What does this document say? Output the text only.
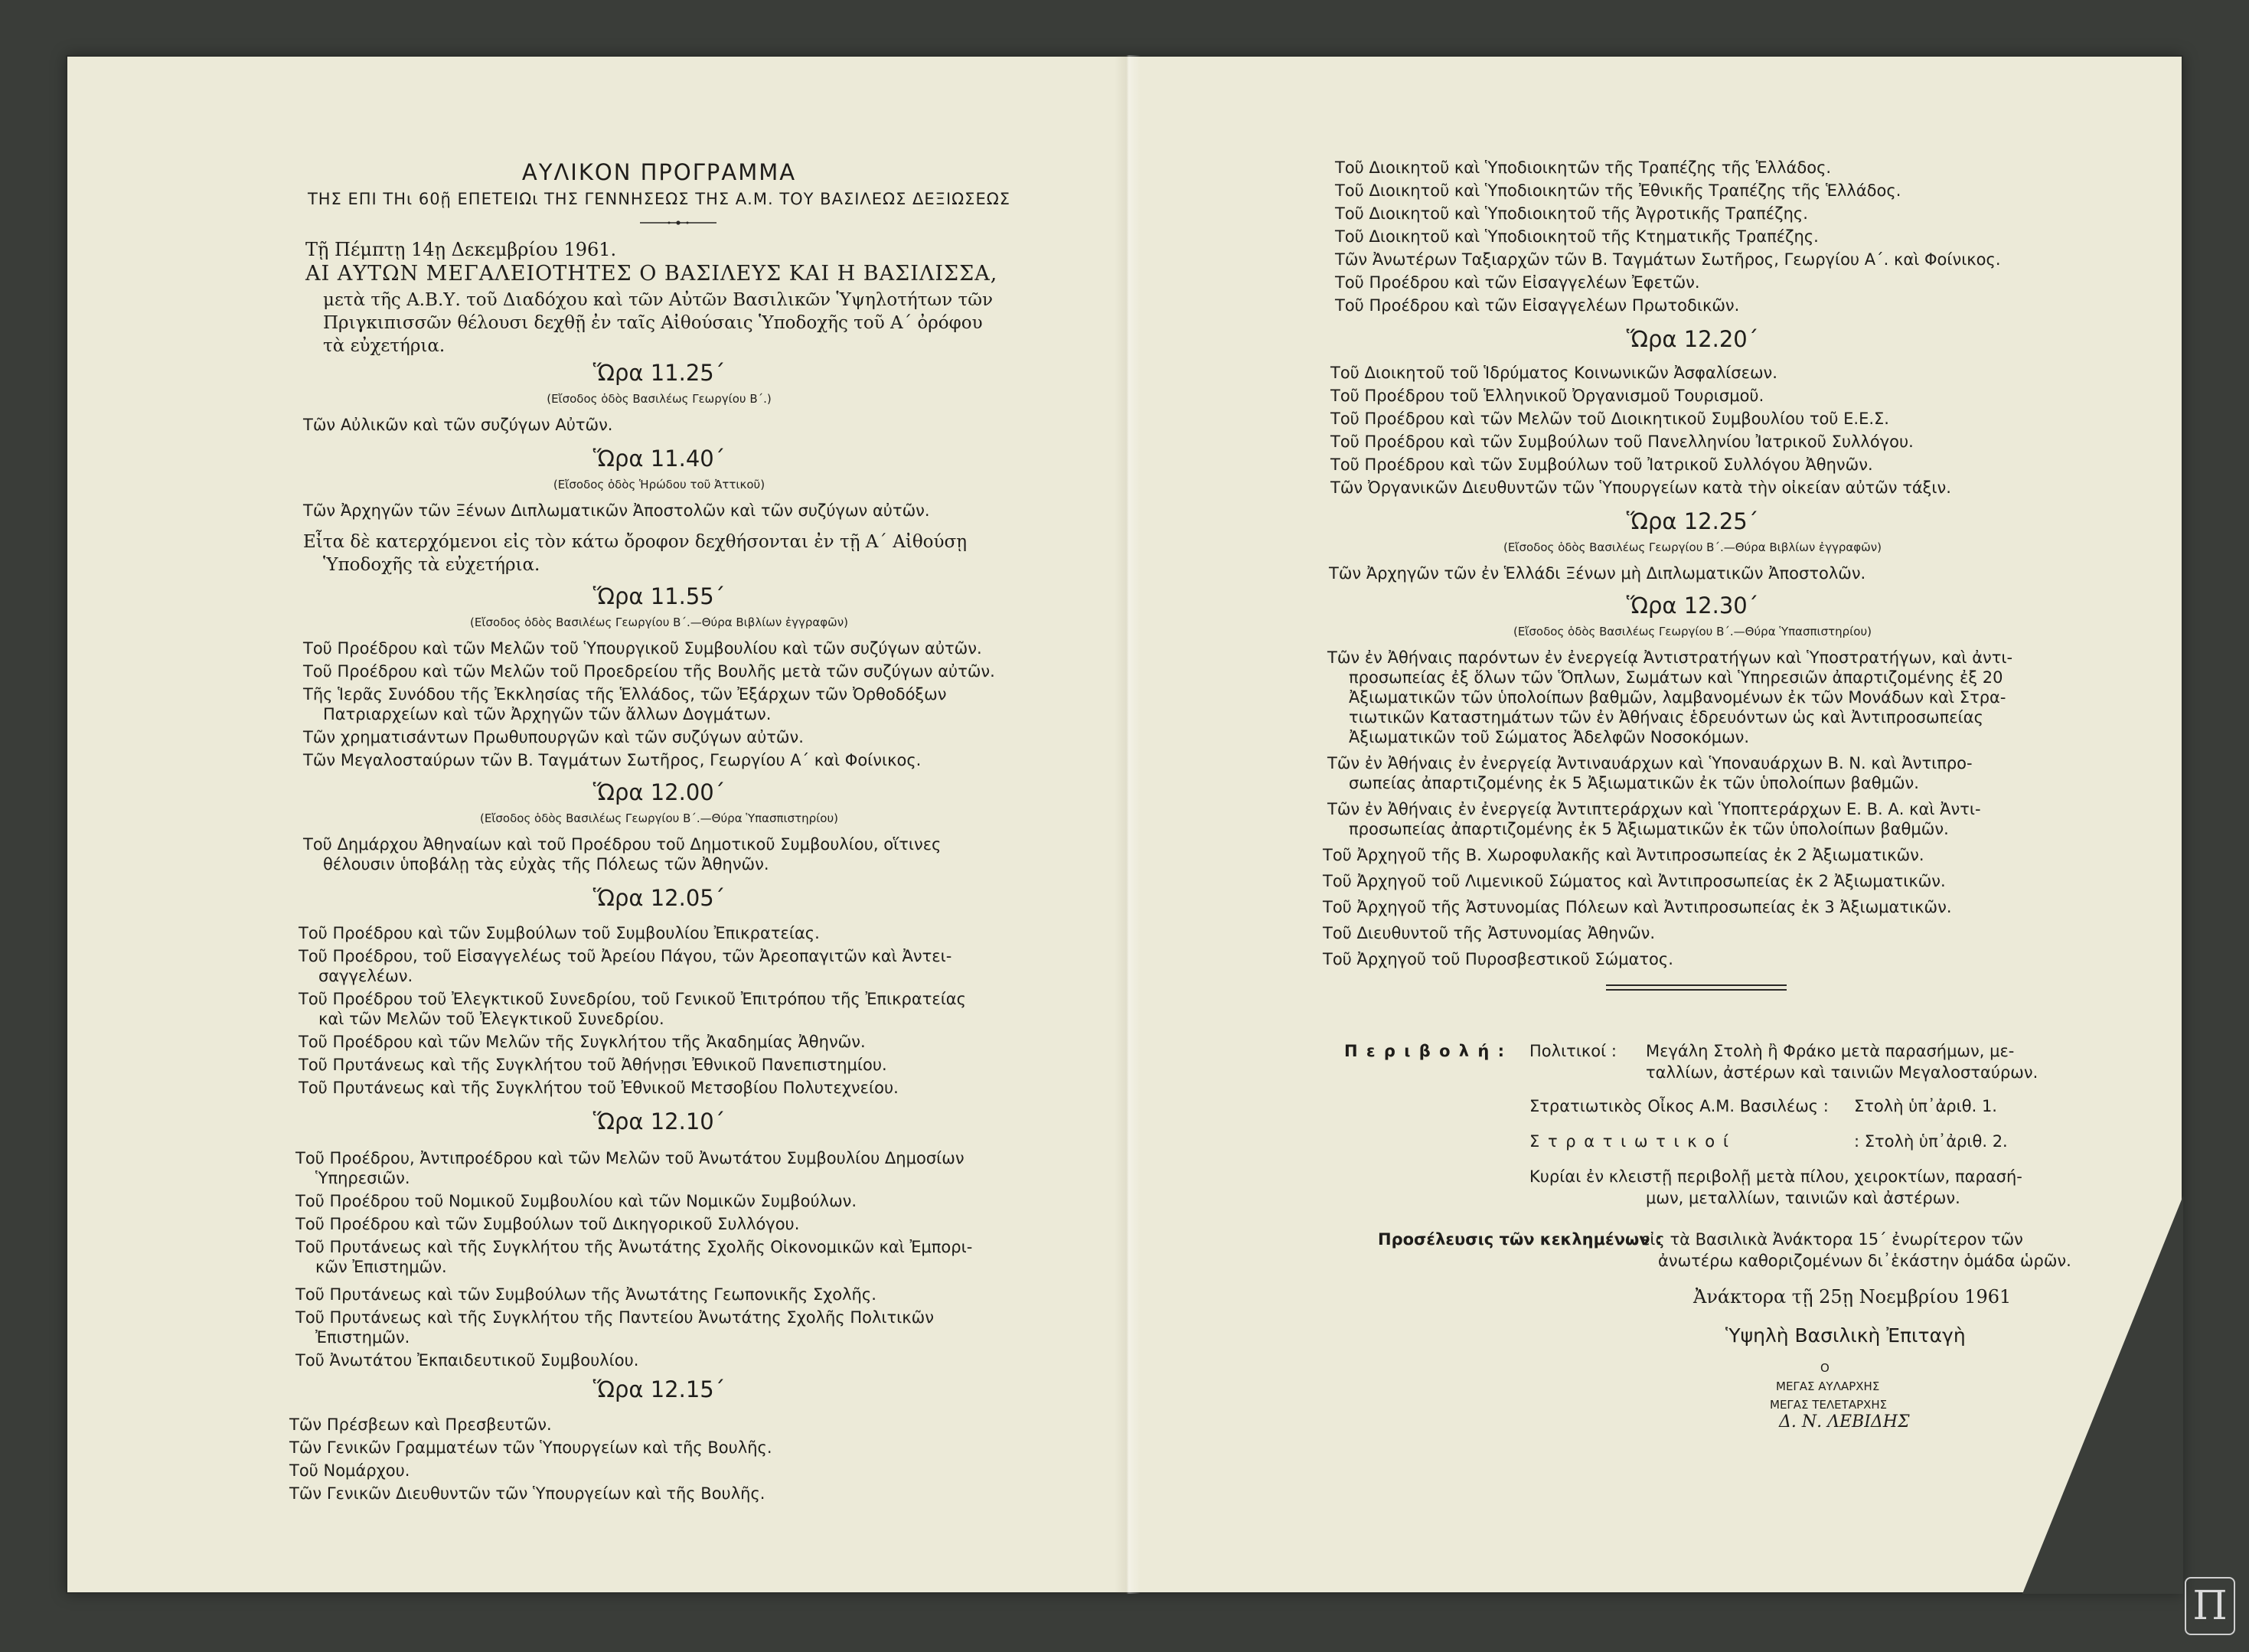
ΑΥΛΙΚΟΝ ΠΡΟΓΡΑΜΜΑ
ΤΗΣ ΕΠΙ ΤΗι 60ῇ ΕΠΕΤΕΙΩι ΤΗΣ ΓΕΝΝΗΣΕΩΣ ΤΗΣ Α.Μ. ΤΟΥ ΒΑΣΙΛΕΩΣ ΔΕΞΙΩΣΕΩΣ
Τῇ Πέμπτῃ 14ῃ Δεκεμβρίου 1961.
ΑΙ ΑΥΤΩΝ ΜΕΓΑΛΕΙΟΤΗΤΕΣ Ο ΒΑΣΙΛΕΥΣ ΚΑΙ Η ΒΑΣΙΛΙΣΣΑ,
μετὰ τῆς Α.Β.Υ. τοῦ Διαδόχου καὶ τῶν Αὐτῶν Βασιλικῶν Ὑψηλοτήτων τῶν
Πριγκιπισσῶν θέλουσι δεχθῇ ἐν ταῖς Αἰθούσαις Ὑποδοχῆς τοῦ Α΄ ὀρόφου
τὰ εὐχετήρια.
Ὥρα 11.25΄
(Εἴσοδος ὁδὸς Βασιλέως Γεωργίου Β΄.)
Τῶν Αὐλικῶν καὶ τῶν συζύγων Αὐτῶν.
Ὥρα 11.40΄
(Εἴσοδος ὁδὸς Ἡρώδου τοῦ Ἀττικοῦ)
Τῶν Ἀρχηγῶν τῶν Ξένων Διπλωματικῶν Ἀποστολῶν καὶ τῶν συζύγων αὐτῶν.
Εἶτα δὲ κατερχόμενοι εἰς τὸν κάτω ὄροφον δεχθήσονται ἐν τῇ Α΄ Αἰθούσῃ
Ὑποδοχῆς τὰ εὐχετήρια.
Ὥρα 11.55΄
(Εἴσοδος ὁδὸς Βασιλέως Γεωργίου Β΄.—Θύρα Βιβλίων ἐγγραφῶν)
Τοῦ Προέδρου καὶ τῶν Μελῶν τοῦ Ὑπουργικοῦ Συμβουλίου καὶ τῶν συζύγων αὐτῶν.
Τοῦ Προέδρου καὶ τῶν Μελῶν τοῦ Προεδρείου τῆς Βουλῆς μετὰ τῶν συζύγων αὐτῶν.
Τῆς Ἱερᾶς Συνόδου τῆς Ἐκκλησίας τῆς Ἑλλάδος, τῶν Ἐξάρχων τῶν Ὀρθοδόξων
Πατριαρχείων καὶ τῶν Ἀρχηγῶν τῶν ἄλλων Δογμάτων.
Τῶν χρηματισάντων Πρωθυπουργῶν καὶ τῶν συζύγων αὐτῶν.
Τῶν Μεγαλοσταύρων τῶν Β. Ταγμάτων Σωτῆρος, Γεωργίου Α΄ καὶ Φοίνικος.
Ὥρα 12.00΄
(Εἴσοδος ὁδὸς Βασιλέως Γεωργίου Β΄.—Θύρα Ὑπασπιστηρίου)
Τοῦ Δημάρχου Ἀθηναίων καὶ τοῦ Προέδρου τοῦ Δημοτικοῦ Συμβουλίου, οἵτινες
θέλουσιν ὑποβάλῃ τὰς εὐχὰς τῆς Πόλεως τῶν Ἀθηνῶν.
Ὥρα 12.05΄
Τοῦ Προέδρου καὶ τῶν Συμβούλων τοῦ Συμβουλίου Ἐπικρατείας.
Τοῦ Προέδρου, τοῦ Εἰσαγγελέως τοῦ Ἀρείου Πάγου, τῶν Ἀρεοπαγιτῶν καὶ Ἀντει-
σαγγελέων.
Τοῦ Προέδρου τοῦ Ἐλεγκτικοῦ Συνεδρίου, τοῦ Γενικοῦ Ἐπιτρόπου τῆς Ἐπικρατείας
καὶ τῶν Μελῶν τοῦ Ἐλεγκτικοῦ Συνεδρίου.
Τοῦ Προέδρου καὶ τῶν Μελῶν τῆς Συγκλήτου τῆς Ἀκαδημίας Ἀθηνῶν.
Τοῦ Πρυτάνεως καὶ τῆς Συγκλήτου τοῦ Ἀθήνῃσι Ἐθνικοῦ Πανεπιστημίου.
Τοῦ Πρυτάνεως καὶ τῆς Συγκλήτου τοῦ Ἐθνικοῦ Μετσοβίου Πολυτεχνείου.
Ὥρα 12.10΄
Τοῦ Προέδρου, Ἀντιπροέδρου καὶ τῶν Μελῶν τοῦ Ἀνωτάτου Συμβουλίου Δημοσίων
Ὑπηρεσιῶν.
Τοῦ Προέδρου τοῦ Νομικοῦ Συμβουλίου καὶ τῶν Νομικῶν Συμβούλων.
Τοῦ Προέδρου καὶ τῶν Συμβούλων τοῦ Δικηγορικοῦ Συλλόγου.
Τοῦ Πρυτάνεως καὶ τῆς Συγκλήτου τῆς Ἀνωτάτης Σχολῆς Οἰκονομικῶν καὶ Ἐμπορι-
κῶν Ἐπιστημῶν.
Τοῦ Πρυτάνεως καὶ τῶν Συμβούλων τῆς Ἀνωτάτης Γεωπονικῆς Σχολῆς.
Τοῦ Πρυτάνεως καὶ τῆς Συγκλήτου τῆς Παντείου Ἀνωτάτης Σχολῆς Πολιτικῶν
Ἐπιστημῶν.
Τοῦ Ἀνωτάτου Ἐκπαιδευτικοῦ Συμβουλίου.
Ὥρα 12.15΄
Τῶν Πρέσβεων καὶ Πρεσβευτῶν.
Τῶν Γενικῶν Γραμματέων τῶν Ὑπουργείων καὶ τῆς Βουλῆς.
Τοῦ Νομάρχου.
Τῶν Γενικῶν Διευθυντῶν τῶν Ὑπουργείων καὶ τῆς Βουλῆς.
Τοῦ Διοικητοῦ καὶ Ὑποδιοικητῶν τῆς Τραπέζης τῆς Ἑλλάδος.
Τοῦ Διοικητοῦ καὶ Ὑποδιοικητῶν τῆς Ἐθνικῆς Τραπέζης τῆς Ἑλλάδος.
Τοῦ Διοικητοῦ καὶ Ὑποδιοικητοῦ τῆς Ἀγροτικῆς Τραπέζης.
Τοῦ Διοικητοῦ καὶ Ὑποδιοικητοῦ τῆς Κτηματικῆς Τραπέζης.
Τῶν Ἀνωτέρων Ταξιαρχῶν τῶν Β. Ταγμάτων Σωτῆρος, Γεωργίου Α΄. καὶ Φοίνικος.
Τοῦ Προέδρου καὶ τῶν Εἰσαγγελέων Ἐφετῶν.
Τοῦ Προέδρου καὶ τῶν Εἰσαγγελέων Πρωτοδικῶν.
Ὥρα 12.20΄
Τοῦ Διοικητοῦ τοῦ Ἱδρύματος Κοινωνικῶν Ἀσφαλίσεων.
Τοῦ Προέδρου τοῦ Ἑλληνικοῦ Ὀργανισμοῦ Τουρισμοῦ.
Τοῦ Προέδρου καὶ τῶν Μελῶν τοῦ Διοικητικοῦ Συμβουλίου τοῦ Ε.Ε.Σ.
Τοῦ Προέδρου καὶ τῶν Συμβούλων τοῦ Πανελληνίου Ἰατρικοῦ Συλλόγου.
Τοῦ Προέδρου καὶ τῶν Συμβούλων τοῦ Ἰατρικοῦ Συλλόγου Ἀθηνῶν.
Τῶν Ὀργανικῶν Διευθυντῶν τῶν Ὑπουργείων κατὰ τὴν οἰκείαν αὐτῶν τάξιν.
Ὥρα 12.25΄
(Εἴσοδος ὁδὸς Βασιλέως Γεωργίου Β΄.—Θύρα Βιβλίων ἐγγραφῶν)
Τῶν Ἀρχηγῶν τῶν ἐν Ἑλλάδι Ξένων μὴ Διπλωματικῶν Ἀποστολῶν.
Ὥρα 12.30΄
(Εἴσοδος ὁδὸς Βασιλέως Γεωργίου Β΄.—Θύρα Ὑπασπιστηρίου)
Τῶν ἐν Ἀθήναις παρόντων ἐν ἐνεργείᾳ Ἀντιστρατήγων καὶ Ὑποστρατήγων, καὶ ἀντι-
προσωπείας ἐξ ὅλων τῶν Ὅπλων, Σωμάτων καὶ Ὑπηρεσιῶν ἀπαρτιζομένης ἐξ 20
Ἀξιωματικῶν τῶν ὑπολοίπων βαθμῶν, λαμβανομένων ἐκ τῶν Μονάδων καὶ Στρα-
τιωτικῶν Καταστημάτων τῶν ἐν Ἀθήναις ἑδρευόντων ὡς καὶ Ἀντιπροσωπείας
Ἀξιωματικῶν τοῦ Σώματος Ἀδελφῶν Νοσοκόμων.
Τῶν ἐν Ἀθήναις ἐν ἐνεργείᾳ Ἀντιναυάρχων καὶ Ὑποναυάρχων Β. Ν. καὶ Ἀντιπρο-
σωπείας ἀπαρτιζομένης ἐκ 5 Ἀξιωματικῶν ἐκ τῶν ὑπολοίπων βαθμῶν.
Τῶν ἐν Ἀθήναις ἐν ἐνεργείᾳ Ἀντιπτεράρχων καὶ Ὑποπτεράρχων Ε. Β. Α. καὶ Ἀντι-
προσωπείας ἀπαρτιζομένης ἐκ 5 Ἀξιωματικῶν ἐκ τῶν ὑπολοίπων βαθμῶν.
Τοῦ Ἀρχηγοῦ τῆς Β. Χωροφυλακῆς καὶ Ἀντιπροσωπείας ἐκ 2 Ἀξιωματικῶν.
Τοῦ Ἀρχηγοῦ τοῦ Λιμενικοῦ Σώματος καὶ Ἀντιπροσωπείας ἐκ 2 Ἀξιωματικῶν.
Τοῦ Ἀρχηγοῦ τῆς Ἀστυνομίας Πόλεων καὶ Ἀντιπροσωπείας ἐκ 3 Ἀξιωματικῶν.
Τοῦ Διευθυντοῦ τῆς Ἀστυνομίας Ἀθηνῶν.
Τοῦ Ἀρχηγοῦ τοῦ Πυροσβεστικοῦ Σώματος.
Π ε ρ ι β ο λ ή : Πολιτικοί : Μεγάλη Στολὴ ἢ Φράκο μετὰ παρασήμων, με-
ταλλίων, ἀστέρων καὶ ταινιῶν Μεγαλοσταύρων.
Στρατιωτικὸς Οἶκος Α.Μ. Βασιλέως : Στολὴ ὑπ᾽ἀριθ. 1.
Σ τ ρ α τ ι ω τ ι κ ο ί	: Στολὴ ὑπ᾽ἀριθ. 2.
Κυρίαι ἐν κλειστῇ περιβολῇ μετὰ πίλου, χειροκτίων, παρασή-
μων, μεταλλίων, ταινιῶν καὶ ἀστέρων.
Προσέλευσις τῶν κεκλημένων :
εἰς τὰ Βασιλικὰ Ἀνάκτορα 15΄ ἐνωρίτερον τῶν
ἀνωτέρω καθοριζομένων δι᾽ἑκάστην ὁμάδα ὡρῶν.
Ἀνάκτορα τῇ 25ῃ Νοεμβρίου 1961
Ὑψηλὴ Βασιλικὴ Ἐπιταγὴ
Ο
ΜΕΓΑΣ ΑΥΛΑΡΧΗΣ
ΜΕΓΑΣ ΤΕΛΕΤΑΡΧΗΣ
Δ. Ν. ΛΕΒΙΔΗΣ
Π
